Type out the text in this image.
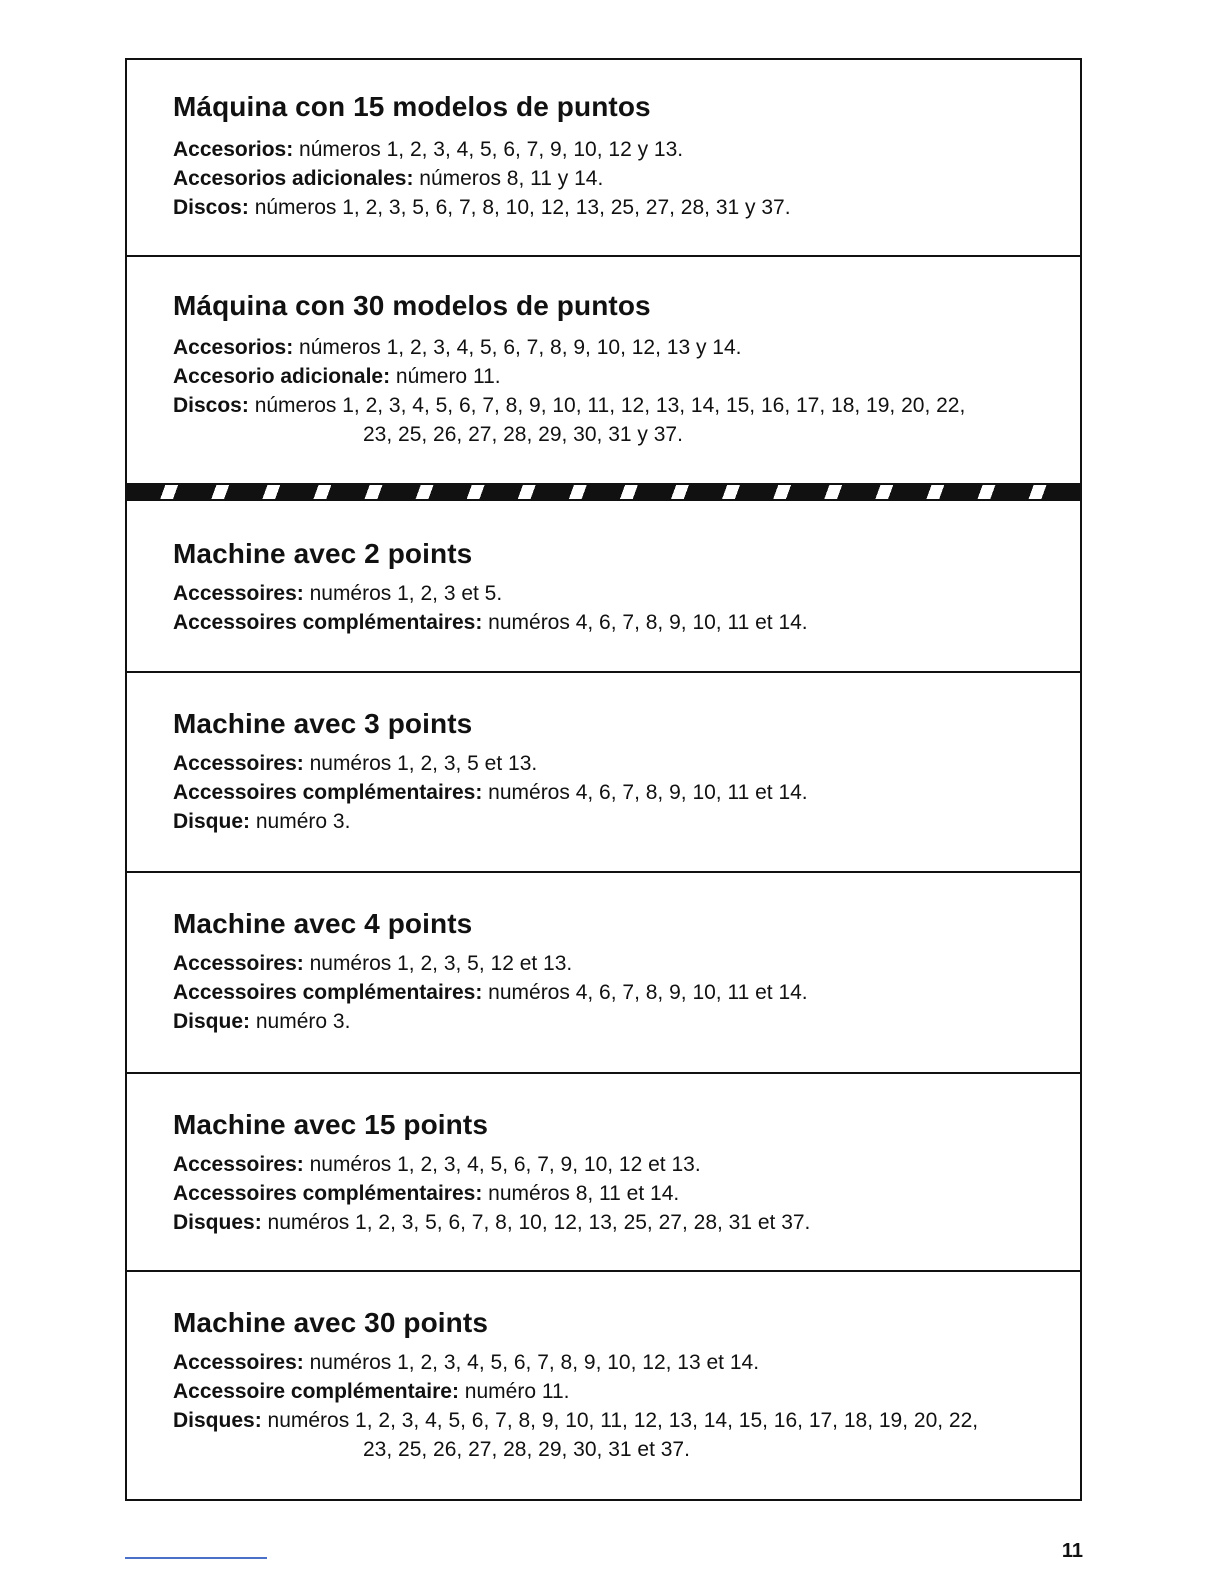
Máquina con 15 modelos de puntos
Accesorios: números 1, 2, 3, 4, 5, 6, 7, 9, 10, 12 y 13.
Accesorios adicionales: números 8, 11 y 14.
Discos: números 1, 2, 3, 5, 6, 7, 8, 10, 12, 13, 25, 27, 28, 31 y 37.
Máquina con 30 modelos de puntos
Accesorios: números 1, 2, 3, 4, 5, 6, 7, 8, 9, 10, 12, 13 y 14.
Accesorio adicionale: número 11.
Discos: números 1, 2, 3, 4, 5, 6, 7, 8, 9, 10, 11, 12, 13, 14, 15, 16, 17, 18, 19, 20, 22,
23, 25, 26, 27, 28, 29, 30, 31 y 37.
Machine avec 2 points
Accessoires: numéros 1, 2, 3 et 5.
Accessoires complémentaires: numéros 4, 6, 7, 8, 9, 10, 11 et 14.
Machine avec 3 points
Accessoires: numéros 1, 2, 3, 5 et 13.
Accessoires complémentaires: numéros 4, 6, 7, 8, 9, 10, 11 et 14.
Disque: numéro 3.
Machine avec 4 points
Accessoires: numéros 1, 2, 3, 5, 12 et 13.
Accessoires complémentaires: numéros 4, 6, 7, 8, 9, 10, 11 et 14.
Disque: numéro 3.
Machine avec 15 points
Accessoires: numéros 1, 2, 3, 4, 5, 6, 7, 9, 10, 12 et 13.
Accessoires complémentaires: numéros 8, 11 et 14.
Disques: numéros 1, 2, 3, 5, 6, 7, 8, 10, 12, 13, 25, 27, 28, 31 et 37.
Machine avec 30 points
Accessoires: numéros 1, 2, 3, 4, 5, 6, 7, 8, 9, 10, 12, 13 et 14.
Accessoire complémentaire: numéro 11.
Disques: numéros 1, 2, 3, 4, 5, 6, 7, 8, 9, 10, 11, 12, 13, 14, 15, 16, 17, 18, 19, 20, 22,
23, 25, 26, 27, 28, 29, 30, 31 et 37.
11
